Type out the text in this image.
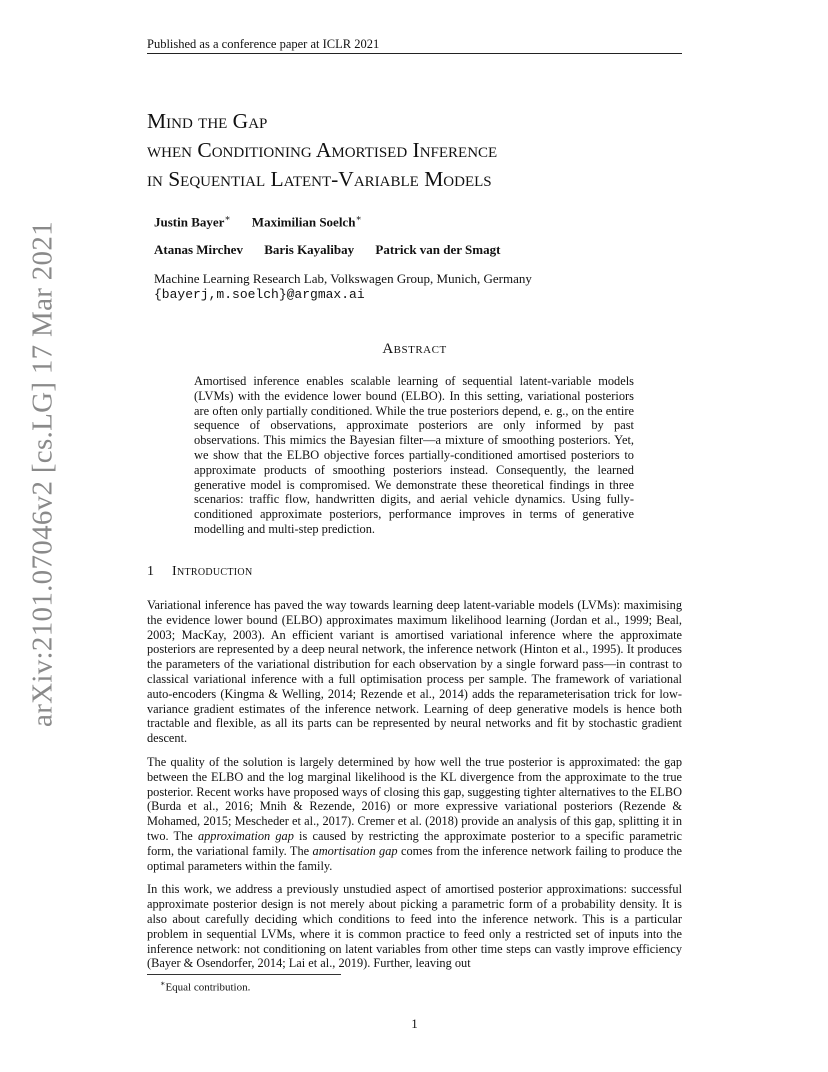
Published as a conference paper at ICLR 2021
arXiv:2101.07046v2 [cs.LG] 17 Mar 2021
Mind the Gap
when Conditioning Amortised Inference
in Sequential Latent-Variable Models
Justin Bayer∗ Maximilian Soelch∗
Atanas Mirchev Baris Kayalibay Patrick van der Smagt
Machine Learning Research Lab, Volkswagen Group, Munich, Germany
{bayerj,m.soelch}@argmax.ai
Abstract

Amortised inference enables scalable learning of sequential latent-variable models (LVMs) with the evidence lower bound (ELBO). In this setting, variational posteriors are often only partially conditioned. While the true posteriors depend, e. g., on the entire sequence of observations, approximate posteriors are only informed by past observations. This mimics the Bayesian filter—a mixture of smoothing posteriors. Yet, we show that the ELBO objective forces partially-conditioned amortised posteriors to approximate products of smoothing posteriors instead. Consequently, the learned generative model is compromised. We demonstrate these theoretical findings in three scenarios: traffic flow, handwritten digits, and aerial vehicle dynamics. Using fully-conditioned approximate posteriors, performance improves in terms of generative modelling and multi-step prediction.

1 Introduction

Variational inference has paved the way towards learning deep latent-variable models (LVMs): maximising the evidence lower bound (ELBO) approximates maximum likelihood learning (Jordan et al., 1999; Beal, 2003; MacKay, 2003). An efficient variant is amortised variational inference where the approximate posteriors are represented by a deep neural network, the inference network (Hinton et al., 1995). It produces the parameters of the variational distribution for each observation by a single forward pass—in contrast to classical variational inference with a full optimisation process per sample. The framework of variational auto-encoders (Kingma & Welling, 2014; Rezende et al., 2014) adds the reparameterisation trick for low-variance gradient estimates of the inference network. Learning of deep generative models is hence both tractable and flexible, as all its parts can be represented by neural networks and fit by stochastic gradient descent.

The quality of the solution is largely determined by how well the true posterior is approximated: the gap between the ELBO and the log marginal likelihood is the KL divergence from the approximate to the true posterior. Recent works have proposed ways of closing this gap, suggesting tighter alternatives to the ELBO (Burda et al., 2016; Mnih & Rezende, 2016) or more expressive variational posteriors (Rezende & Mohamed, 2015; Mescheder et al., 2017). Cremer et al. (2018) provide an analysis of this gap, splitting it in two. The approximation gap is caused by restricting the approximate posterior to a specific parametric form, the variational family. The amortisation gap comes from the inference network failing to produce the optimal parameters within the family.

In this work, we address a previously unstudied aspect of amortised posterior approximations: successful approximate posterior design is not merely about picking a parametric form of a probability density. It is also about carefully deciding which conditions to feed into the inference network. This is a particular problem in sequential LVMs, where it is common practice to feed only a restricted set of inputs into the inference network: not conditioning on latent variables from other time steps can vastly improve efficiency (Bayer & Osendorfer, 2014; Lai et al., 2019). Further, leaving out

∗Equal contribution.
1
